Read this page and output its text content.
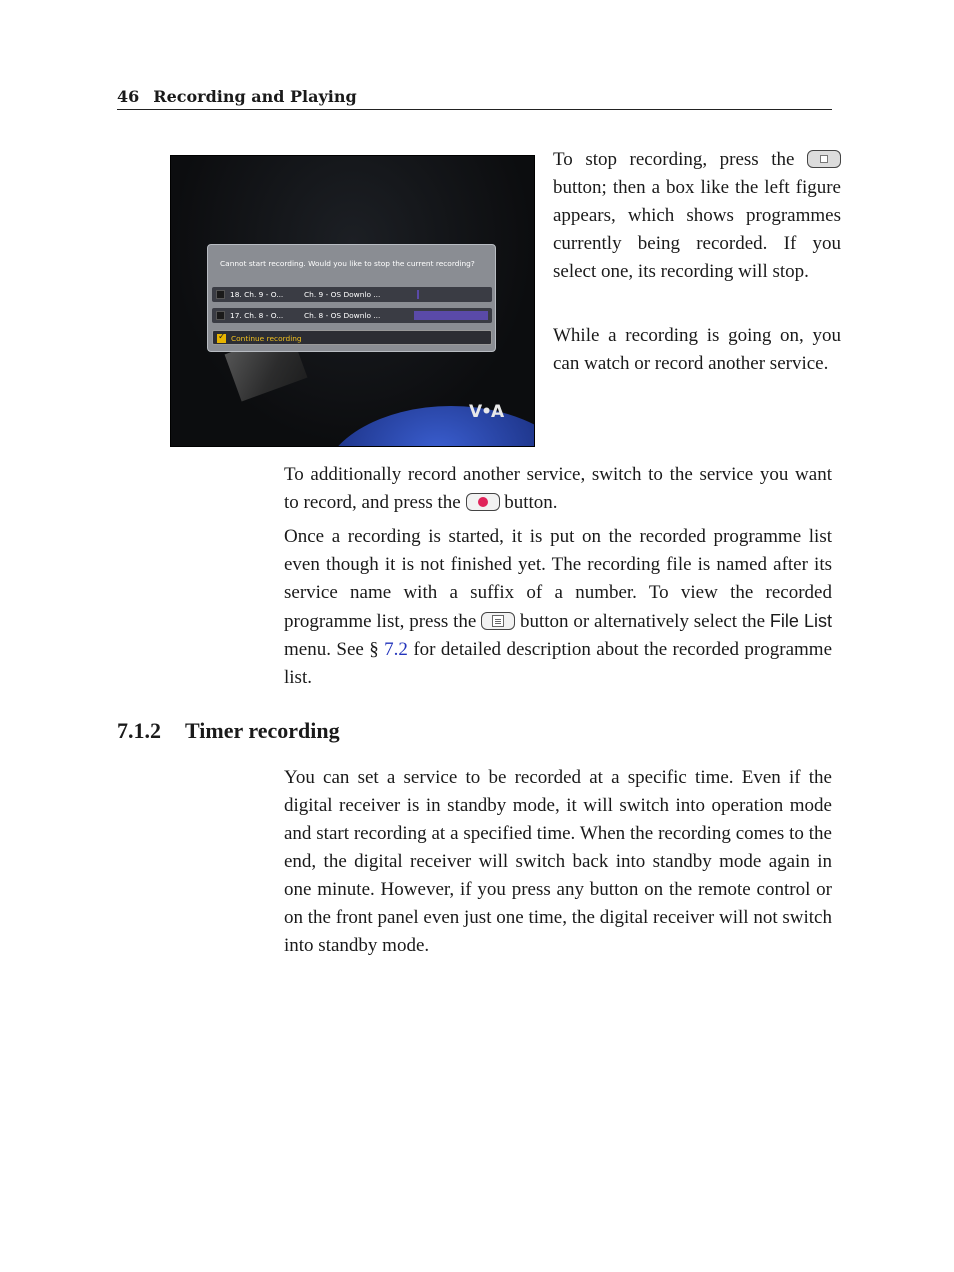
46 Recording and Playing
V•A
Cannot start recording. Would you like to stop the current recording?
18. Ch. 9 - O...	Ch. 9 - OS Downlo ...
17. Ch. 8 - O...	Ch. 8 - OS Downlo ...
✓
Continue recording
To stop recording, press the
button; then a box like the left figure appears, which shows programmes currently being recorded. If you select one, its recording will stop.
While a recording is going on, you can watch or record another service.
To additionally record another service, switch to the service you want to record, and press the
button.
Once a recording is started, it is put on the recorded programme list even though it is not finished yet. The recording file is named after its service name with a suffix of a number. To view the recorded programme list, press the
button or alternatively select the File List menu. See § 7.2 for detailed description about the recorded programme list.
7.1.2 Timer recording
You can set a service to be recorded at a specific time. Even if the digital receiver is in standby mode, it will switch into operation mode and start recording at a specified time. When the recording comes to the end, the digital receiver will switch back into standby mode again in one minute. However, if you press any button on the remote control or on the front panel even just one time, the digital receiver will not switch into standby mode.
